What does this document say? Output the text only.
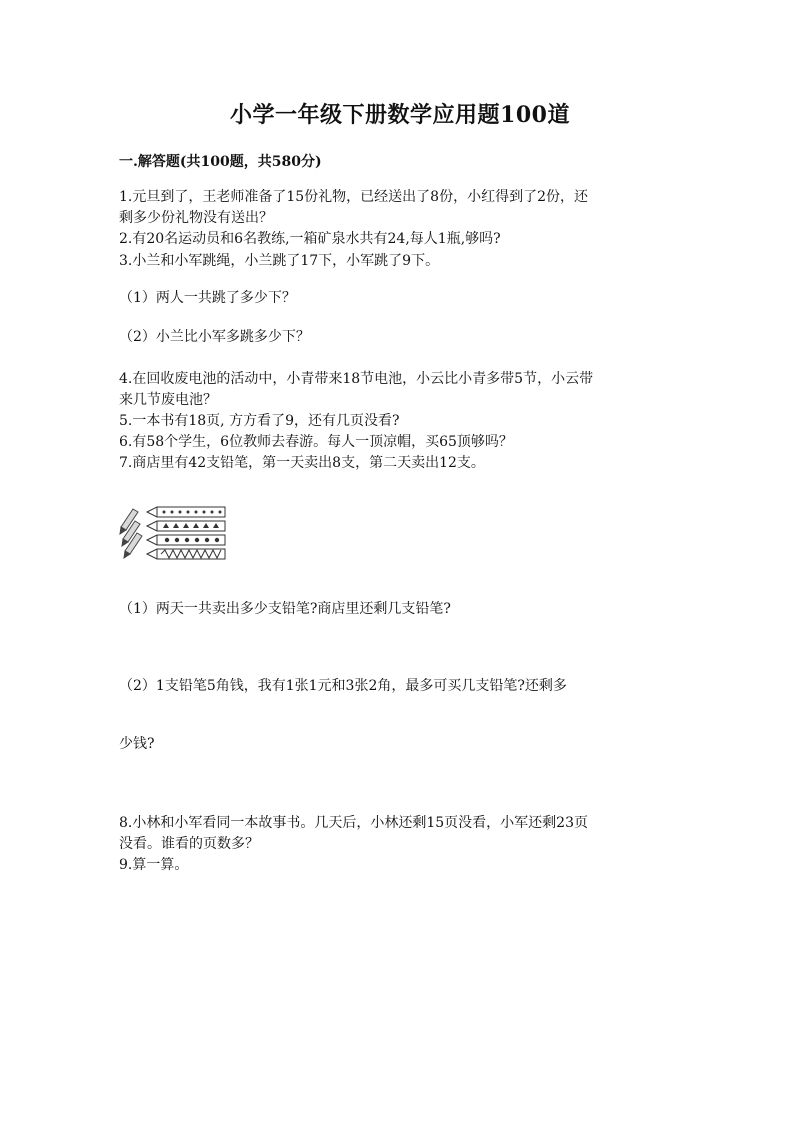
小学一年级下册数学应用题100道
一.解答题(共100题，共580分)
1.元旦到了，王老师准备了15份礼物，已经送出了8份，小红得到了2份，还
剩多少份礼物没有送出？
2.有20名运动员和6名教练,一箱矿泉水共有24,每人1瓶,够吗?
3.小兰和小军跳绳，小兰跳了17下，小军跳了9下。
（1）两人一共跳了多少下？
（2）小兰比小军多跳多少下？
4.在回收废电池的活动中，小青带来18节电池，小云比小青多带5节，小云带
来几节废电池？
5.一本书有18页, 方方看了9，还有几页没看?
6.有58个学生，6位教师去春游。每人一顶凉帽，买65顶够吗？
7.商店里有42支铅笔，第一天卖出8支，第二天卖出12支。
（1）两天一共卖出多少支铅笔?商店里还剩几支铅笔?
（2）1支铅笔5角钱，我有1张1元和3张2角，最多可买几支铅笔?还剩多
少钱?
8.小林和小军看同一本故事书。几天后，小林还剩15页没看，小军还剩23页
没看。谁看的页数多？
9.算一算。
